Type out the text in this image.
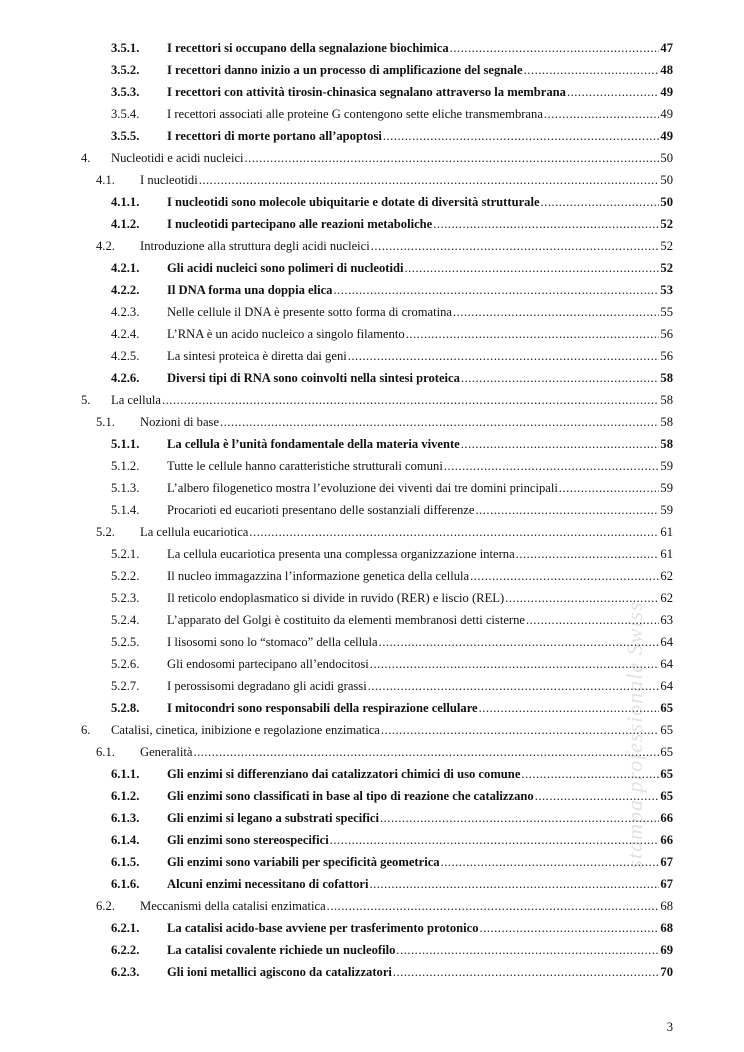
3.5.1. I recettori si occupano della segnalazione biochimica .....	47
3.5.2. I recettori danno inizio a un processo di amplificazione del segnale .....	48
3.5.3. I recettori con attività tirosin-chinasica segnalano attraverso la membrana .....	49
3.5.4. I recettori associati alle proteine G contengono sette eliche transmembrana .....	49
3.5.5. I recettori di morte portano all’apoptosi .....	49
4. Nucleotidi e acidi nucleici .....	50
4.1. I nucleotidi .....	50
4.1.1. I nucleotidi sono molecole ubiquitarie e dotate di diversità strutturale .....	50
4.1.2. I nucleotidi partecipano alle reazioni metaboliche .....	52
4.2. Introduzione alla struttura degli acidi nucleici .....	52
4.2.1. Gli acidi nucleici sono polimeri di nucleotidi .....	52
4.2.2. Il DNA forma una doppia elica .....	53
4.2.3. Nelle cellule il DNA è presente sotto forma di cromatina .....	55
4.2.4. L’RNA è un acido nucleico a singolo filamento .....	56
4.2.5. La sintesi proteica è diretta dai geni .....	56
4.2.6. Diversi tipi di RNA sono coinvolti nella sintesi proteica .....	58
5. La cellula .....	58
5.1. Nozioni di base .....	58
5.1.1. La cellula è l’unità fondamentale della materia vivente .....	58
5.1.2. Tutte le cellule hanno caratteristiche strutturali comuni .....	59
5.1.3. L’albero filogenetico mostra l’evoluzione dei viventi dai tre domini principali .....	59
5.1.4. Procarioti ed eucarioti presentano delle sostanziali differenze .....	59
5.2. La cellula eucariotica .....	61
5.2.1. La cellula eucariotica presenta una complessa organizzazione interna .....	61
5.2.2. Il nucleo immagazzina l’informazione genetica della cellula .....	62
5.2.3. Il reticolo endoplasmatico si divide in ruvido (RER) e liscio (REL) .....	62
5.2.4. L’apparato del Golgi è costituito da elementi membranosi detti cisterne .....	63
5.2.5. I lisosomi sono lo “stomaco” della cellula .....	64
5.2.6. Gli endosomi partecipano all’endocitosi .....	64
5.2.7. I perossisomi degradano gli acidi grassi .....	64
5.2.8. I mitocondri sono responsabili della respirazione cellulare .....	65
6. Catalisi, cinetica, inibizione e regolazione enzimatica .....	65
6.1. Generalità .....	65
6.1.1. Gli enzimi si differenziano dai catalizzatori chimici di uso comune .....	65
6.1.2. Gli enzimi sono classificati in base al tipo di reazione che catalizzano .....	65
6.1.3. Gli enzimi si legano a substrati specifici .....	66
6.1.4. Gli enzimi sono stereospecifici .....	66
6.1.5. Gli enzimi sono variabili per specificità geometrica .....	67
6.1.6. Alcuni enzimi necessitano di cofattori .....	67
6.2. Meccanismi della catalisi enzimatica .....	68
6.2.1. La catalisi acido-base avviene per trasferimento protonico .....	68
6.2.2. La catalisi covalente richiede un nucleofilo .....	69
6.2.3. Gli ioni metallici agiscono da catalizzatori .....	70
3
stampa professionale Swiss
